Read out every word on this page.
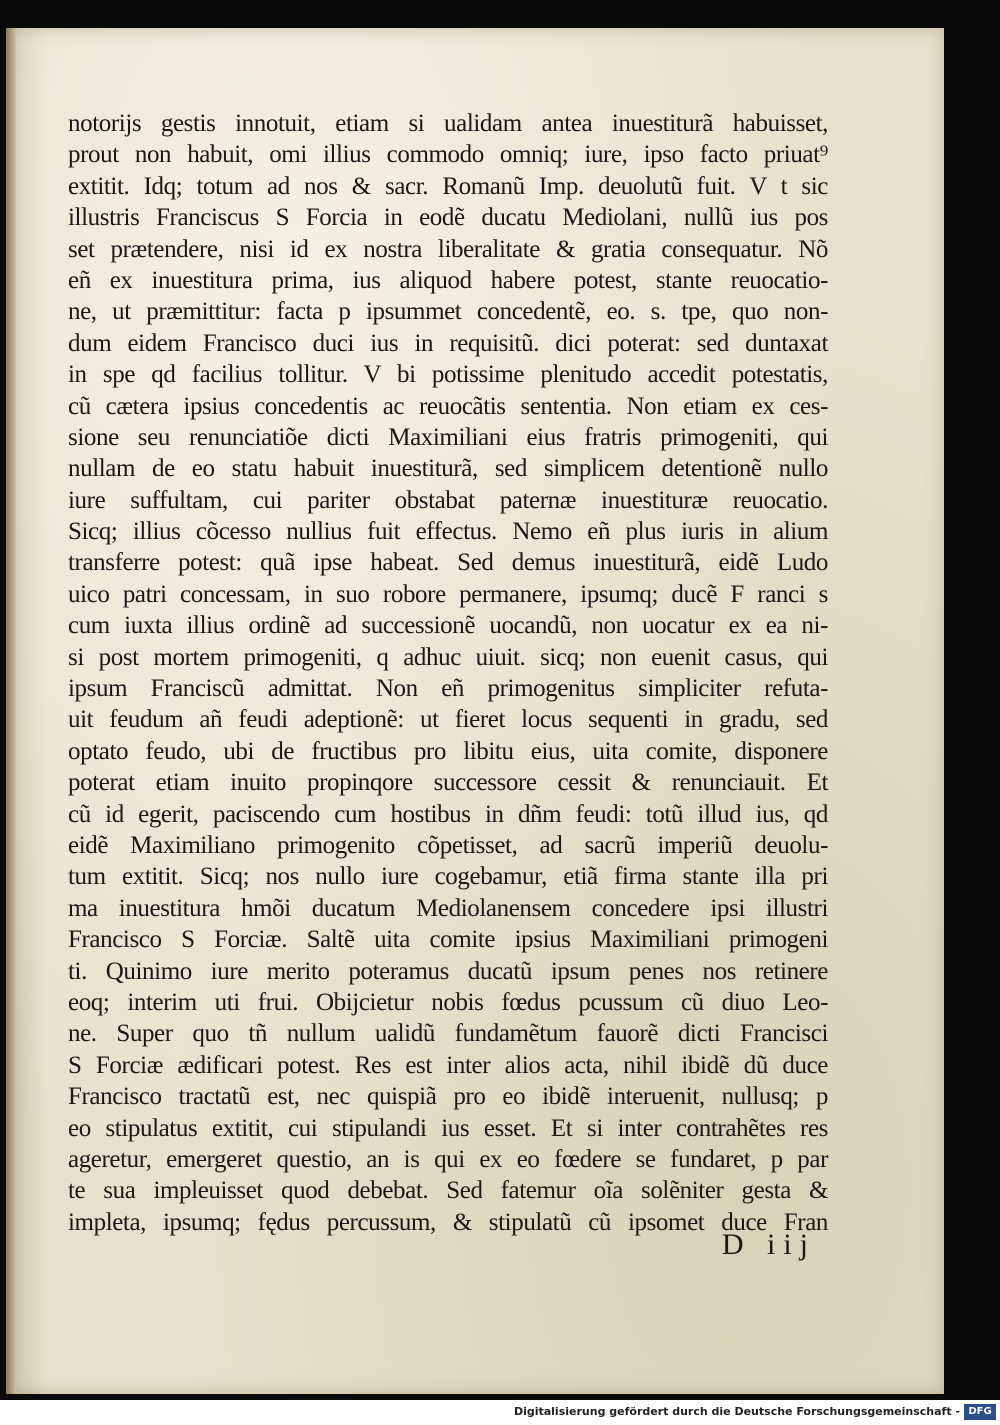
notorijs gestis innotuit, etiam si ualidam antea inuestiturã habuisset,
prout non habuit, omi illius commodo omniq; iure, ipso facto priuat⁹
extitit. Idq; totum ad nos & sacr. Romanũ Imp. deuolutũ fuit. V t sic
illustris Franciscus S Forcia in eodẽ ducatu Mediolani, nullũ ius pos
set prætendere, nisi id ex nostra liberalitate & gratia consequatur. Nõ
eñ ex inuestitura prima, ius aliquod habere potest, stante reuocatio-
ne, ut præmittitur: facta p ipsummet concedentẽ, eo. s. tpe, quo non-
dum eidem Francisco duci ius in requisitũ. dici poterat: sed duntaxat
in spe qd facilius tollitur. V bi potissime plenitudo accedit potestatis,
cũ cætera ipsius concedentis ac reuocãtis sententia. Non etiam ex ces-
sione seu renunciatiõe dicti Maximiliani eius fratris primogeniti, qui
nullam de eo statu habuit inuestiturã, sed simplicem detentionẽ nullo
iure suffultam, cui pariter obstabat paternæ inuestituræ reuocatio.
Sicq; illius cõcesso nullius fuit effectus. Nemo eñ plus iuris in alium
transferre potest: quã ipse habeat. Sed demus inuestiturã, eidẽ Ludo
uico patri concessam, in suo robore permanere, ipsumq; ducẽ F ranci s
cum iuxta illius ordinẽ ad successionẽ uocandũ, non uocatur ex ea ni-
si post mortem primogeniti, q adhuc uiuit. sicq; non euenit casus, qui
ipsum Franciscũ admittat. Non eñ primogenitus simpliciter refuta-
uit feudum añ feudi adeptionẽ: ut fieret locus sequenti in gradu, sed
optato feudo, ubi de fructibus pro libitu eius, uita comite, disponere
poterat etiam inuito propinqore successore cessit & renunciauit. Et
cũ id egerit, paciscendo cum hostibus in dñm feudi: totũ illud ius, qd
eidẽ Maximiliano primogenito cõpetisset, ad sacrũ imperiũ deuolu-
tum extitit. Sicq; nos nullo iure cogebamur, etiã firma stante illa pri
ma inuestitura hmõi ducatum Mediolanensem concedere ipsi illustri
Francisco S Forciæ. Saltẽ uita comite ipsius Maximiliani primogeni
ti. Quinimo iure merito poteramus ducatũ ipsum penes nos retinere
eoq; interim uti frui. Obijcietur nobis fœdus pcussum cũ diuo Leo-
ne. Super quo tñ nullum ualidũ fundamẽtum fauorẽ dicti Francisci
S Forciæ ædificari potest. Res est inter alios acta, nihil ibidẽ dũ duce
Francisco tractatũ est, nec quispiã pro eo ibidẽ interuenit, nullusq; p
eo stipulatus extitit, cui stipulandi ius esset. Et si inter contrahẽtes res
ageretur, emergeret questio, an is qui ex eo fœdere se fundaret, p par
te sua impleuisset quod debebat. Sed fatemur oĩa solẽniter gesta &
impleta, ipsumq; fędus percussum, & stipulatũ cũ ipsomet duce Fran
D iij
Digitalisierung gefördert durch die Deutsche Forschungsgemeinschaft - DFG
